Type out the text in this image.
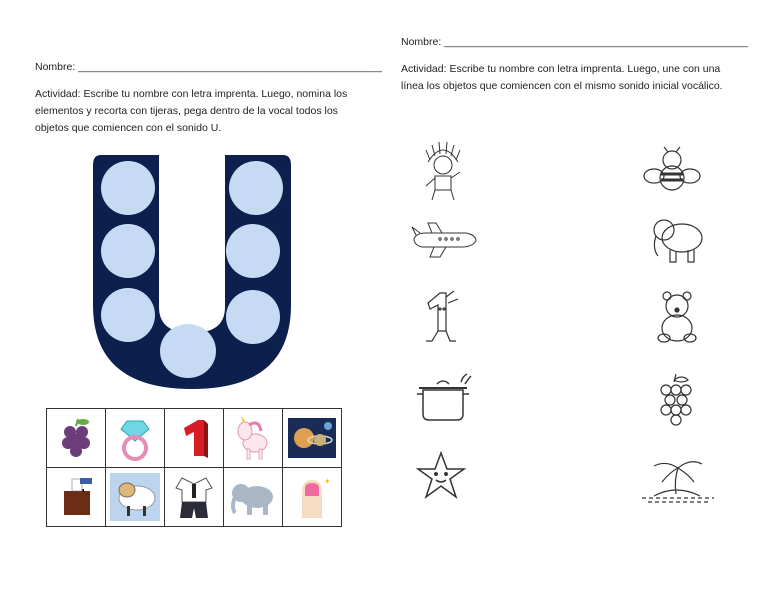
Nombre: ____________________________________________________
Actividad: Escribe tu nombre con letra imprenta. Luego, nomina los elementos y recorta con tijeras, pega dentro de la vocal todos los objetos que comiencen con el sonido U.

✦
Nombre: ____________________________________________________
Actividad: Escribe tu nombre con letra imprenta. Luego, une con una línea los objetos que comiencen con el mismo sonido inicial vocálico.
